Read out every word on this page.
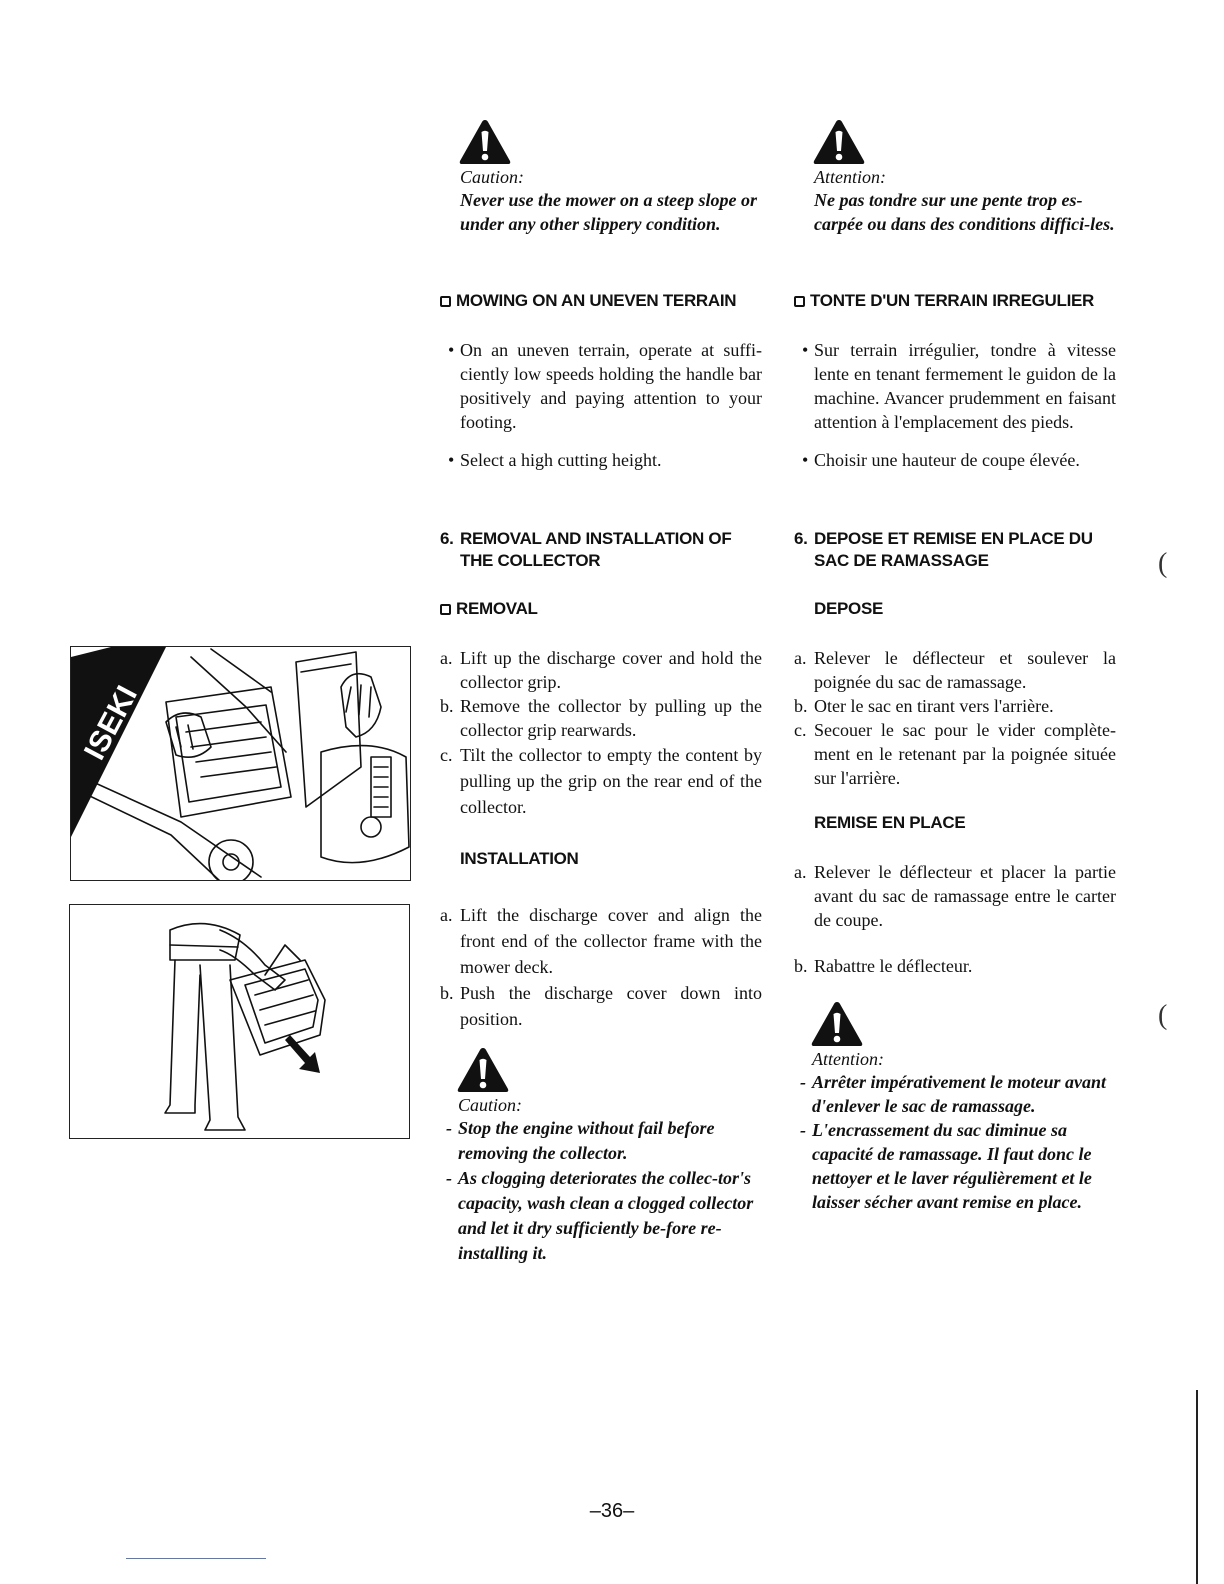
Caution:

Never use the mower on a steep slope or under any other slippery condition.

Attention:

Ne pas tondre sur une pente trop es-carpée ou dans des conditions diffici-les.

MOWING ON AN UNEVEN TERRAIN

• On an uneven terrain, operate at suffi-ciently low speeds holding the handle bar positively and paying attention to your footing.

• Select a high cutting height.

TONTE D'UN TERRAIN IRREGULIER

• Sur terrain irrégulier, tondre à vitesse lente en tenant fermement le guidon de la machine. Avancer prudemment en faisant attention à l'emplacement des pieds.

• Choisir une hauteur de coupe élevée.

6. REMOVAL AND INSTALLATION OF THE COLLECTOR

6. DEPOSE ET REMISE EN PLACE DU SAC DE RAMASSAGE

REMOVAL

a. Lift up the discharge cover and hold the collector grip.

b. Remove the collector by pulling up the collector grip rearwards.

c. Tilt the collector to empty the content by pulling up the grip on the rear end of the collector.

DEPOSE

a. Relever le déflecteur et soulever la poignée du sac de ramassage.

b. Oter le sac en tirant vers l'arrière.

c. Secouer le sac pour le vider complète-ment en le retenant par la poignée située sur l'arrière.

INSTALLATION

a. Lift the discharge cover and align the front end of the collector frame with the mower deck.

b. Push the discharge cover down into position.

REMISE EN PLACE

a. Relever le déflecteur et placer la partie avant du sac de ramassage entre le carter de coupe.

b. Rabattre le déflecteur.

Caution:

- Stop the engine without fail before removing the collector.

- As clogging deteriorates the collec-tor's capacity, wash clean a clogged collector and let it dry sufficiently be-fore re-installing it.

Attention:

- Arrêter impérativement le moteur avant d'enlever le sac de ramassage.

- L'encrassement du sac diminue sa capacité de ramassage. Il faut donc le nettoyer et le laver régulièrement et le laisser sécher avant remise en place.

ISEKI
(
(
–36–
